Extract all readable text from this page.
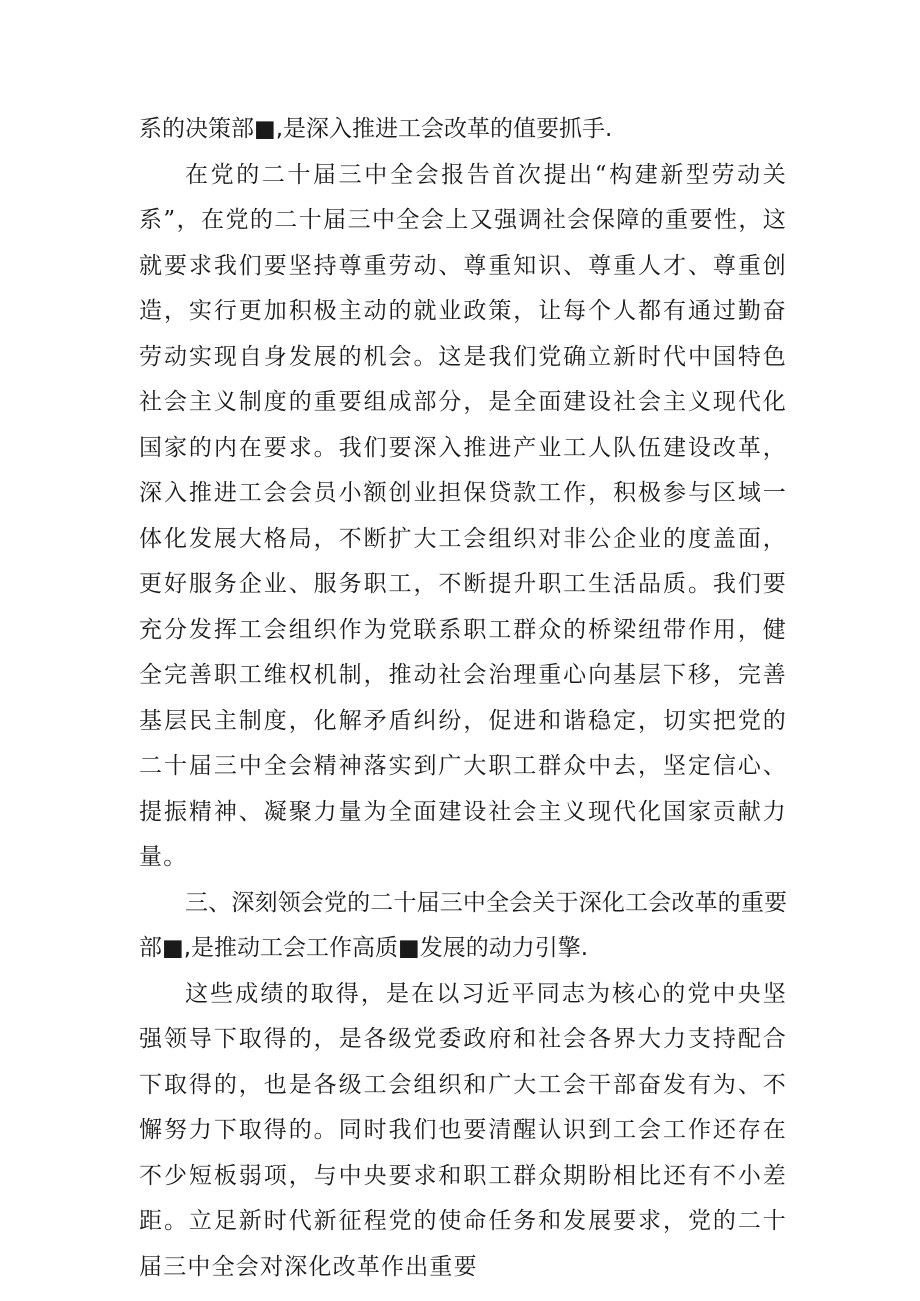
系的决策部■,是深入推进工会改革的值要抓手.

在党的二十届三中全会报告首次提出“构建新型劳动关系”，在党的二十届三中全会上又强调社会保障的重要性，这就要求我们要坚持尊重劳动、尊重知识、尊重人才、尊重创造，实行更加积极主动的就业政策，让每个人都有通过勤奋劳动实现自身发展的机会。这是我们党确立新时代中国特色社会主义制度的重要组成部分，是全面建设社会主义现代化国家的内在要求。我们要深入推进产业工人队伍建设改革，深入推进工会会员小额创业担保贷款工作，积极参与区域一体化发展大格局，不断扩大工会组织对非公企业的度盖面，更好服务企业、服务职工，不断提升职工生活品质。我们要充分发挥工会组织作为党联系职工群众的桥梁纽带作用，健全完善职工维权机制，推动社会治理重心向基层下移，完善基层民主制度，化解矛盾纠纷，促进和谐稳定，切实把党的二十届三中全会精神落实到广大职工群众中去，坚定信心、提振精神、凝聚力量为全面建设社会主义现代化国家贡献力量。

三、深刻领会党的二十届三中全会关于深化工会改革的重要部■,是推动工会工作高质■发展的动力引擎.

这些成绩的取得，是在以习近平同志为核心的党中央坚强领导下取得的，是各级党委政府和社会各界大力支持配合下取得的，也是各级工会组织和广大工会干部奋发有为、不懈努力下取得的。同时我们也要清醒认识到工会工作还存在不少短板弱项，与中央要求和职工群众期盼相比还有不小差距。立足新时代新征程党的使命任务和发展要求，党的二十届三中全会对深化改革作出重要
